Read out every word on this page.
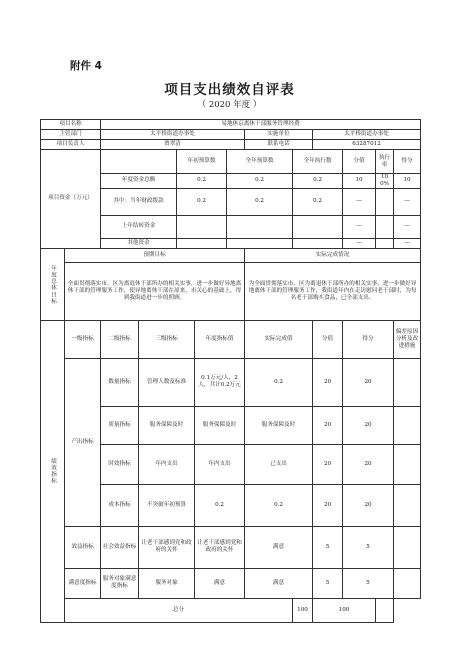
附件 4
项目支出绩效自评表
（ 2020 年度 ）
项目名称		易地休京离休干部服务管理经费										
主管部门		太平桥街道办事处					实施单位		太平桥街道办事处			
项目负责人		贾翠清					联系电话		63287012			
项目资金（万元）				年初预算数		全年预算数		全年执行数		分值	执行率	得分
		年度资金总额		0.2		0.2		0.2		10	100%	10
		其中：当年财政拨款		0.2		0.2		0.2		—		—
		上年结转资金								—		—
		其他资金								—		—
年度总体目标	预期目标						实际完成情况					
	全面贯彻落实市、区为离退休干部所办的相关实事，进一步做好异地离休干部的管理服务工作，使异地离休干部在原来，市关心的基础上，得到我街道进一步的照顾。						为全面贯彻落实市、区为离退休干部所办的相关实事，进一步做好异地离休干部的管理服务工作，我街道年内在走访慰问老干部时，为每名老干部购买食品，已全部支出。					
绩效指标	一级指标	二级指标	三级指标		年度指标值		实际完成值		分值	得分		偏差原因分析及改进措施
	产出指标	数量指标	管理人数及标准		0.1万元/人，2人，共计0.2万元		0.2		20	20		
		质量指标	服务保障及时		服务保障及时		服务保障及时		20	20		
		时效指标	年内支出		年内支出		已支出		20	20		
		成本指标	不突破年初预算		0.2		0.2		20	20		
	效益指标	社会效益指标	让老干部感到党和政府的关怀		让老干部感到党和政府的关怀		满意		5	5		
	满意度指标	服务对象满意度指标	服务对象		满意		满意		5	5		
	总分							100	100			
